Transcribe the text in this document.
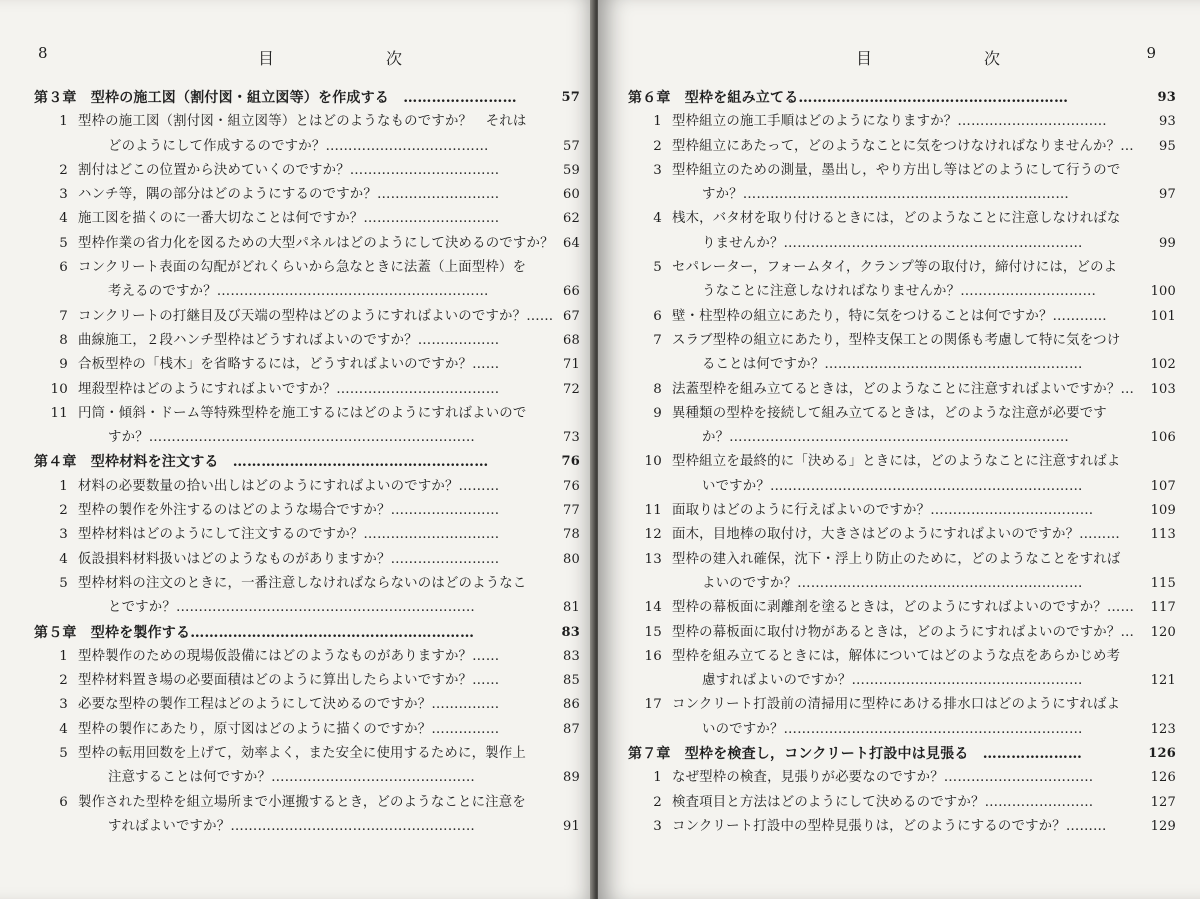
8	目　次
第３章　型枠の施工図（割付図・組立図等）を作成する　……………………	57
1 型枠の施工図（割付図・組立図等）とはどのようなものですか？　それは
どのようにして作成するのですか？………………………………	57
2 割付はどこの位置から決めていくのですか？……………………………	59
3 ハンチ等，隅の部分はどのようにするのですか？………………………	60
4 施工図を描くのに一番大切なことは何ですか？…………………………	62
5 型枠作業の省力化を図るための大型パネルはどのようにして決めるのですか？ 64
6 コンクリート表面の勾配がどれくらいから急なときに法蓋（上面型枠）を
考えるのですか？……………………………………………………	66
7 コンクリートの打継目及び天端の型枠はどのようにすればよいのですか？…… 67
8 曲線施工，２段ハンチ型枠はどうすればよいのですか？………………	68
9 合板型枠の「桟木」を省略するには，どうすればよいのですか？……	71
10 埋殺型枠はどのようにすればよいですか？………………………………	72
11 円筒・傾斜・ドーム等特殊型枠を施工するにはどのようにすればよいので
すか？………………………………………………………………	73
第４章　型枠材料を注文する　………………………………………………	76
1 材料の必要数量の拾い出しはどのようにすればよいのですか？………	76
2 型枠の製作を外注するのはどのような場合ですか？……………………	77
3 型枠材料はどのようにして注文するのですか？…………………………	78
4 仮設損料材料扱いはどのようなものがありますか？……………………	80
5 型枠材料の注文のときに，一番注意しなければならないのはどのようなこ
とですか？…………………………………………………………	81
第５章　型枠を製作する……………………………………………………	83
1 型枠製作のための現場仮設備にはどのようなものがありますか？……	83
2 型枠材料置き場の必要面積はどのように算出したらよいですか？……	85
3 必要な型枠の製作工程はどのようにして決めるのですか？……………	86
4 型枠の製作にあたり，原寸図はどのように描くのですか？……………	87
5 型枠の転用回数を上げて，効率よく，また安全に使用するために，製作上
注意することは何ですか？………………………………………	89
6 製作された型枠を組立場所まで小運搬するとき，どのようなことに注意を
すればよいですか？………………………………………………	91
9
目　次
第６章　型枠を組み立てる…………………………………………………	93
1 型枠組立の施工手順はどのようになりますか？……………………………	93
2 型枠組立にあたって，どのようなことに気をつけなければなりませんか？… 95
3 型枠組立のための測量，墨出し，やり方出し等はどのようにして行うので
すか？………………………………………………………………	97
4 桟木，バタ材を取り付けるときには，どのようなことに注意しなければな
りませんか？…………………………………………………………	99
5 セパレーター，フォームタイ，クランプ等の取付け，締付けには，どのよ
うなことに注意しなければなりませんか？…………………………	100
6 壁・柱型枠の組立にあたり，特に気をつけることは何ですか？…………	101
7 スラブ型枠の組立にあたり，型枠支保工との関係も考慮して特に気をつけ
ることは何ですか？…………………………………………………	102
8 法蓋型枠を組み立てるときは，どのようなことに注意すればよいですか？… 103
9 異種類の型枠を接続して組み立てるときは，どのような注意が必要です
か？…………………………………………………………………	106
10 型枠組立を最終的に「決める」ときには，どのようなことに注意すればよ
いですか？……………………………………………………………	107
11 面取りはどのように行えばよいのですか？………………………………	109
12 面木，目地棒の取付け，大きさはどのようにすればよいのですか？……… 113
13 型枠の建入れ確保，沈下・浮上り防止のために，どのようなことをすれば
よいのですか？………………………………………………………	115
14 型枠の幕板面に剥離剤を塗るときは，どのようにすればよいのですか？…… 117
15 型枠の幕板面に取付け物があるときは，どのようにすればよいのですか？… 120
16 型枠を組み立てるときには，解体についてはどのような点をあらかじめ考
慮すればよいのですか？……………………………………………	121
17 コンクリート打設前の清掃用に型枠にあける排水口はどのようにすればよ
いのですか？…………………………………………………………	123
第７章　型枠を検査し，コンクリート打設中は見張る　…………………	126
1 なぜ型枠の検査，見張りが必要なのですか？……………………………	126
2 検査項目と方法はどのようにして決めるのですか？……………………	127
3 コンクリート打設中の型枠見張りは，どのようにするのですか？………	129
